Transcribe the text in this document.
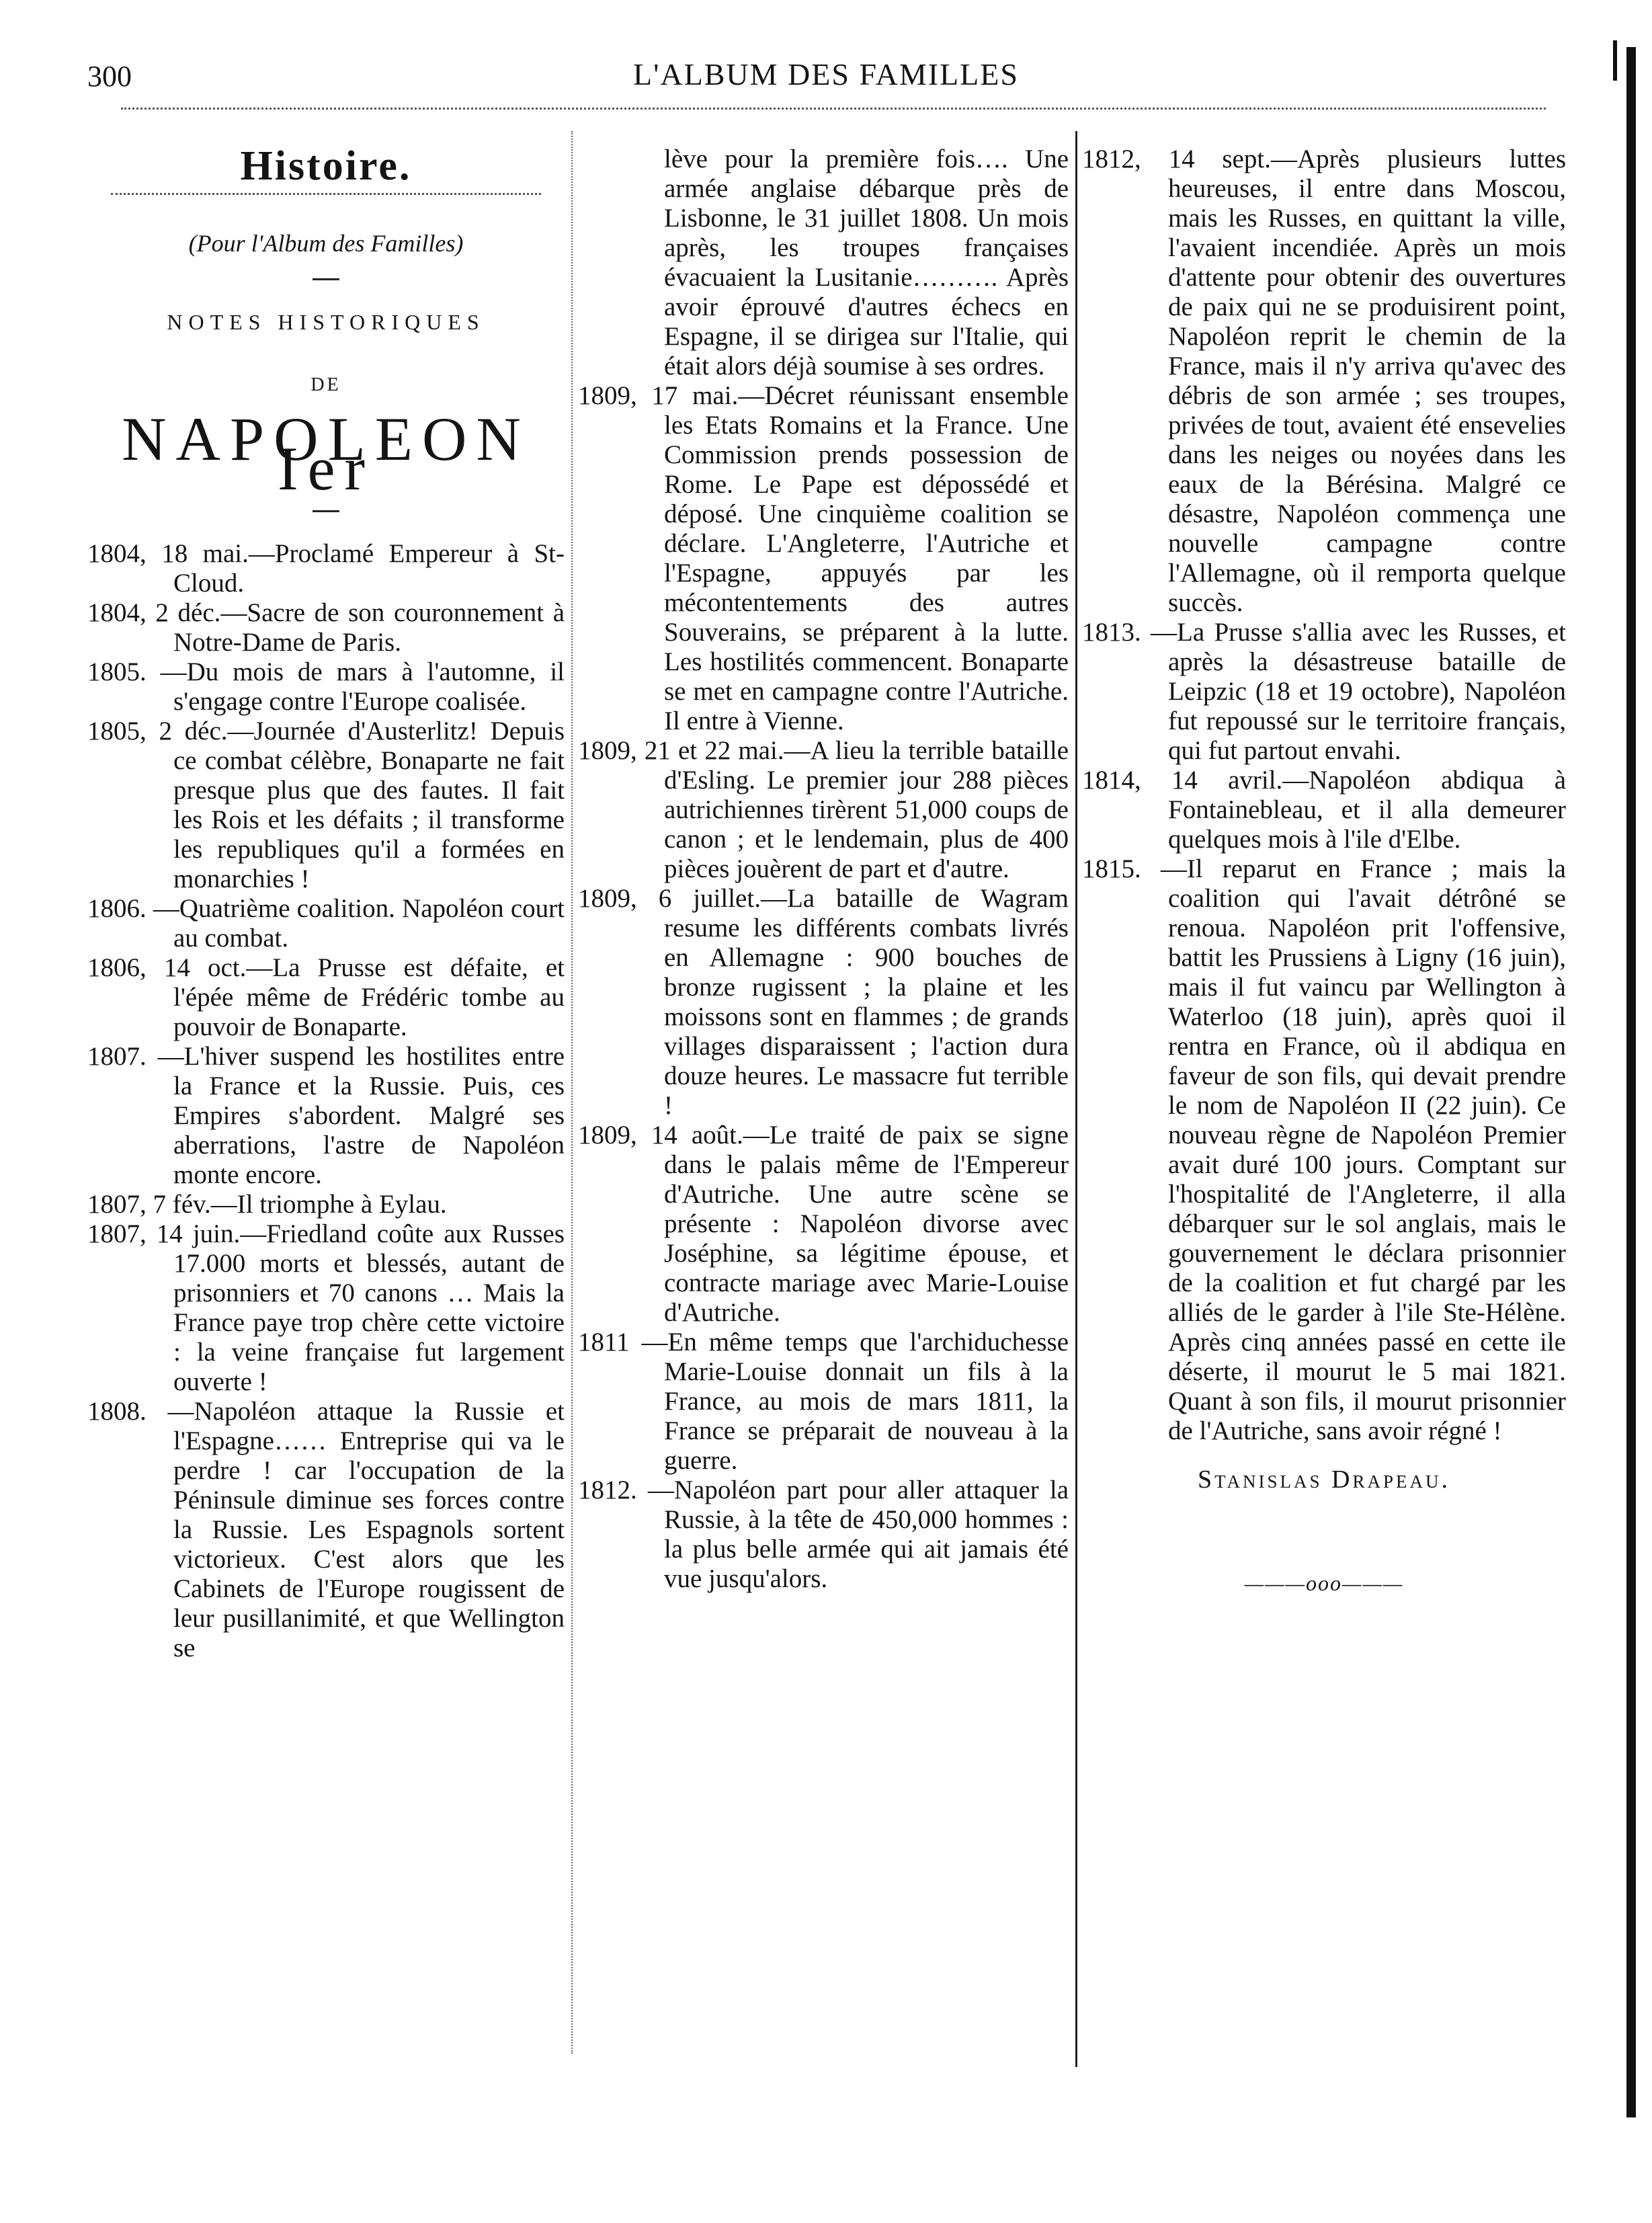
300	L'ALBUM DES FAMILLES
Histoire.
(Pour l'Album des Familles)
NOTES HISTORIQUES
DE
NAPOLEON Ier

1804, 18 mai.—Proclamé Empereur à St-Cloud.

1804, 2 déc.—Sacre de son couronnement à Notre-Dame de Paris.

1805. —Du mois de mars à l'automne, il s'engage contre l'Europe coalisée.

1805, 2 déc.—Journée d'Austerlitz! Depuis ce combat célèbre, Bonaparte ne fait presque plus que des fautes. Il fait les Rois et les défaits ; il transforme les republiques qu'il a formées en monarchies !

1806. —Quatrième coalition. Napoléon court au combat.

1806, 14 oct.—La Prusse est défaite, et l'épée même de Frédéric tombe au pouvoir de Bonaparte.

1807. —L'hiver suspend les hostilites entre la France et la Russie. Puis, ces Empires s'abordent. Malgré ses aberrations, l'astre de Napoléon monte encore.

1807, 7 fév.—Il triomphe à Eylau.

1807, 14 juin.—Friedland coûte aux Russes 17.000 morts et blessés, autant de prisonniers et 70 canons … Mais la France paye trop chère cette victoire : la veine française fut largement ouverte !

1808. —Napoléon attaque la Russie et l'Espagne…… Entreprise qui va le perdre ! car l'occupation de la Péninsule diminue ses forces contre la Russie. Les Espagnols sortent victorieux. C'est alors que les Cabinets de l'Europe rougissent de leur pusillanimité, et que Wellington se

lève pour la première fois…. Une armée anglaise débarque près de Lisbonne, le 31 juillet 1808. Un mois après, les troupes françaises évacuaient la Lusitanie………. Après avoir éprouvé d'autres échecs en Espagne, il se dirigea sur l'Italie, qui était alors déjà soumise à ses ordres.

1809, 17 mai.—Décret réunissant ensemble les Etats Romains et la France. Une Commission prends possession de Rome. Le Pape est dépossédé et déposé. Une cinquième coalition se déclare. L'Angleterre, l'Autriche et l'Espagne, appuyés par les mécontentements des autres Souverains, se préparent à la lutte. Les hostilités commencent. Bonaparte se met en campagne contre l'Autriche. Il entre à Vienne.

1809, 21 et 22 mai.—A lieu la terrible bataille d'Esling. Le premier jour 288 pièces autrichiennes tirèrent 51,000 coups de canon ; et le lendemain, plus de 400 pièces jouèrent de part et d'autre.

1809, 6 juillet.—La bataille de Wagram resume les différents combats livrés en Allemagne : 900 bouches de bronze rugissent ; la plaine et les moissons sont en flammes ; de grands villages disparaissent ; l'action dura douze heures. Le massacre fut terrible !

1809, 14 août.—Le traité de paix se signe dans le palais même de l'Empereur d'Autriche. Une autre scène se présente : Napoléon divorse avec Joséphine, sa légitime épouse, et contracte mariage avec Marie-Louise d'Autriche.

1811 —En même temps que l'archiduchesse Marie-Louise donnait un fils à la France, au mois de mars 1811, la France se préparait de nouveau à la guerre.

1812. —Napoléon part pour aller attaquer la Russie, à la tête de 450,000 hommes : la plus belle armée qui ait jamais été vue jusqu'alors.

1812, 14 sept.—Après plusieurs luttes heureuses, il entre dans Moscou, mais les Russes, en quittant la ville, l'avaient incendiée. Après un mois d'attente pour obtenir des ouvertures de paix qui ne se produisirent point, Napoléon reprit le chemin de la France, mais il n'y arriva qu'avec des débris de son armée ; ses troupes, privées de tout, avaient été ensevelies dans les neiges ou noyées dans les eaux de la Bérésina. Malgré ce désastre, Napoléon commença une nouvelle campagne contre l'Allemagne, où il remporta quelque succès.

1813. —La Prusse s'allia avec les Russes, et après la désastreuse bataille de Leipzic (18 et 19 octobre), Napoléon fut repoussé sur le territoire français, qui fut partout envahi.

1814, 14 avril.—Napoléon abdiqua à Fontainebleau, et il alla demeurer quelques mois à l'ile d'Elbe.

1815. —Il reparut en France ; mais la coalition qui l'avait détrôné se renoua. Napoléon prit l'offensive, battit les Prussiens à Ligny (16 juin), mais il fut vaincu par Wellington à Waterloo (18 juin), après quoi il rentra en France, où il abdiqua en faveur de son fils, qui devait prendre le nom de Napoléon II (22 juin). Ce nouveau règne de Napoléon Premier avait duré 100 jours. Comptant sur l'hospitalité de l'Angleterre, il alla débarquer sur le sol anglais, mais le gouvernement le déclara prisonnier de la coalition et fut chargé par les alliés de le garder à l'ile Ste-Hélène. Après cinq années passé en cette ile déserte, il mourut le 5 mai 1821. Quant à son fils, il mourut prisonnier de l'Autriche, sans avoir régné !

Stanislas Drapeau.
———ooo———
